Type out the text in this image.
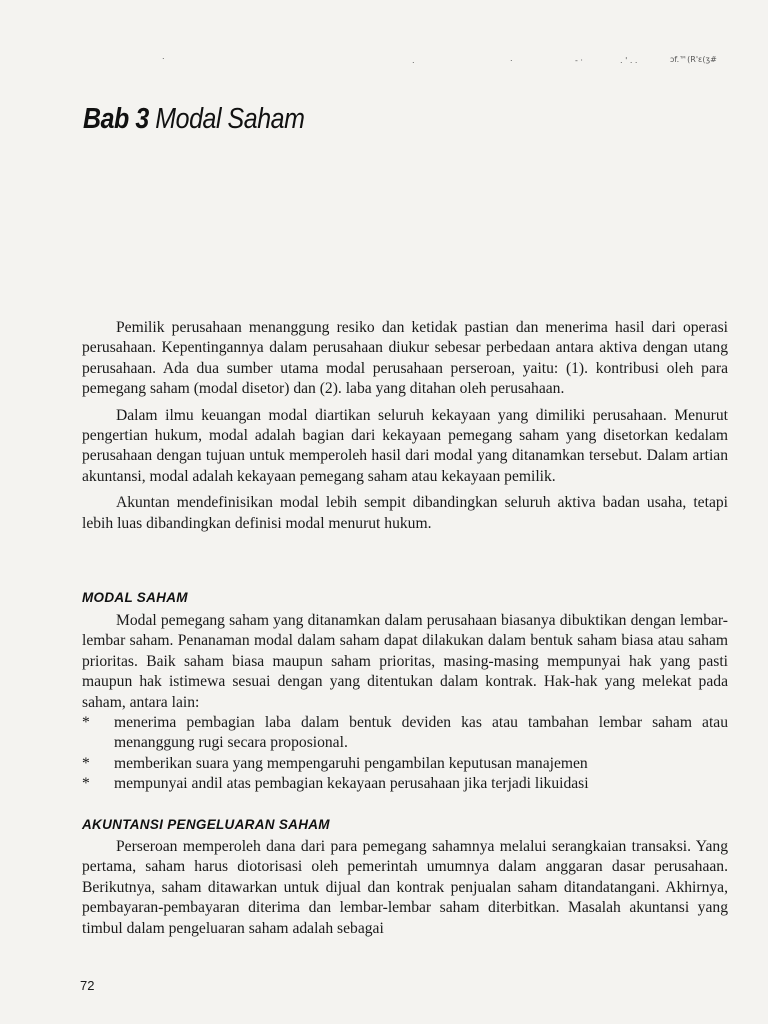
.	.	.	- ·	. ' . .	ɔf.™(R'ɛ(ʒ#
Bab 3 Modal Saham

Pemilik perusahaan menanggung resiko dan ketidak pastian dan menerima hasil dari operasi perusahaan. Kepentingannya dalam perusahaan diukur sebesar perbedaan antara aktiva dengan utang perusahaan. Ada dua sumber utama modal perusahaan perseroan, yaitu: (1). kontribusi oleh para pemegang saham (modal disetor) dan (2). laba yang ditahan oleh perusahaan.

Dalam ilmu keuangan modal diartikan seluruh kekayaan yang dimiliki perusahaan. Menurut pengertian hukum, modal adalah bagian dari kekayaan pemegang saham yang disetorkan kedalam perusahaan dengan tujuan untuk memperoleh hasil dari modal yang ditanamkan tersebut. Dalam artian akuntansi, modal adalah kekayaan pemegang saham atau kekayaan pemilik.

Akuntan mendefinisikan modal lebih sempit dibandingkan seluruh aktiva badan usaha, tetapi lebih luas dibandingkan definisi modal menurut hukum.

MODAL SAHAM

Modal pemegang saham yang ditanamkan dalam perusahaan biasanya dibuktikan dengan lembar-lembar saham. Penanaman modal dalam saham dapat dilakukan dalam bentuk saham biasa atau saham prioritas. Baik saham biasa maupun saham prioritas, masing-masing mempunyai hak yang pasti maupun hak istimewa sesuai dengan yang ditentukan dalam kontrak. Hak-hak yang melekat pada saham, antara lain:

* menerima pembagian laba dalam bentuk deviden kas atau tambahan lembar saham atau menanggung rugi secara proposional.
* memberikan suara yang mempengaruhi pengambilan keputusan manajemen
* mempunyai andil atas pembagian kekayaan perusahaan jika terjadi likuidasi
AKUNTANSI PENGELUARAN SAHAM

Perseroan memperoleh dana dari para pemegang sahamnya melalui serangkaian transaksi. Yang pertama, saham harus diotorisasi oleh pemerintah umumnya dalam anggaran dasar perusahaan. Berikutnya, saham ditawarkan untuk dijual dan kontrak penjualan saham ditandatangani. Akhirnya, pembayaran-pembayaran diterima dan lembar-lembar saham diterbitkan. Masalah akuntansi yang timbul dalam pengeluaran saham adalah sebagai

72
